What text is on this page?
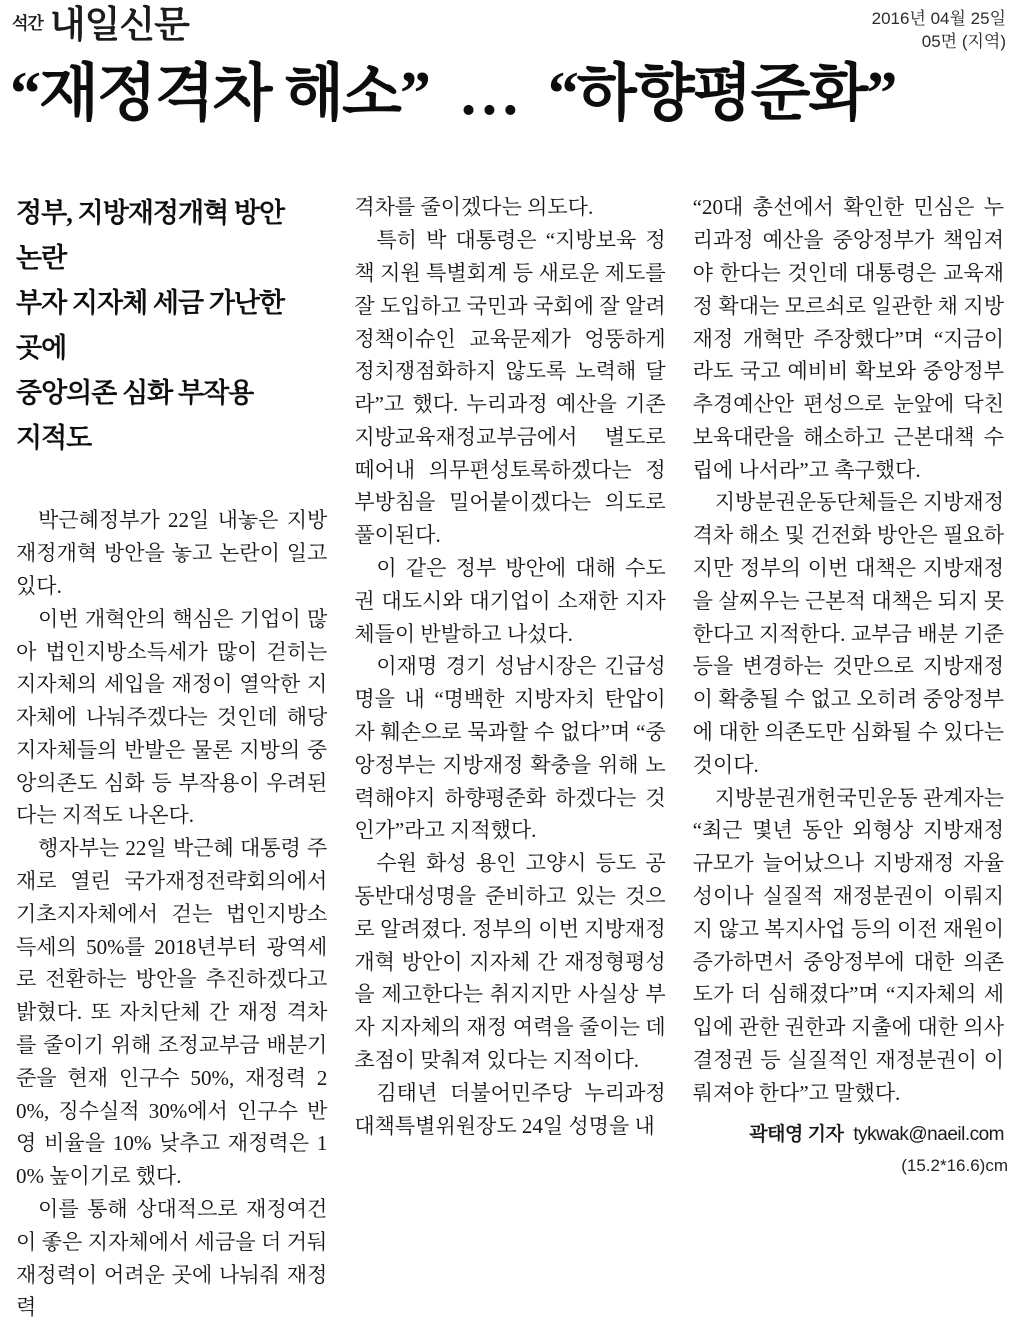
석간 내일신문	2016년 04월 25일
05면 (지역)
“재정격차 해소” … “하향평준화”
정부, 지방재정개혁 방안 논란
부자 지자체 세금 가난한 곳에
중앙의존 심화 부작용 지적도

박근혜정부가 22일 내놓은 지방재정개혁 방안을 놓고 논란이 일고 있다.

이번 개혁안의 핵심은 기업이 많아 법인지방소득세가 많이 걷히는 지자체의 세입을 재정이 열악한 지자체에 나눠주겠다는 것인데 해당 지자체들의 반발은 물론 지방의 중앙의존도 심화 등 부작용이 우려된다는 지적도 나온다.

행자부는 22일 박근혜 대통령 주재로 열린 국가재정전략회의에서 기초지자체에서 걷는 법인지방소득세의 50%를 2018년부터 광역세로 전환하는 방안을 추진하겠다고 밝혔다. 또 자치단체 간 재정 격차를 줄이기 위해 조정교부금 배분기준을 현재 인구수 50%, 재정력 20%, 징수실적 30%에서 인구수 반영 비율을 10% 낮추고 재정력은 10% 높이기로 했다.

이를 통해 상대적으로 재정여건이 좋은 지자체에서 세금을 더 거둬 재정력이 어려운 곳에 나눠줘 재정력

격차를 줄이겠다는 의도다.

특히 박 대통령은 “지방보육 정책 지원 특별회계 등 새로운 제도를 잘 도입하고 국민과 국회에 잘 알려 정책이슈인 교육문제가 엉뚱하게 정치쟁점화하지 않도록 노력해 달라”고 했다. 누리과정 예산을 기존 지방교육재정교부금에서 별도로 떼어내 의무편성토록하겠다는 정부방침을 밀어붙이겠다는 의도로 풀이된다.

이 같은 정부 방안에 대해 수도권 대도시와 대기업이 소재한 지자체들이 반발하고 나섰다.

이재명 경기 성남시장은 긴급성명을 내 “명백한 지방자치 탄압이자 훼손으로 묵과할 수 없다”며 “중앙정부는 지방재정 확충을 위해 노력해야지 하향평준화 하겠다는 것인가”라고 지적했다.

수원 화성 용인 고양시 등도 공동반대성명을 준비하고 있는 것으로 알려졌다. 정부의 이번 지방재정개혁 방안이 지자체 간 재정형평성을 제고한다는 취지지만 사실상 부자 지자체의 재정 여력을 줄이는 데 초점이 맞춰져 있다는 지적이다.

김태년 더불어민주당 누리과정대책특별위원장도 24일 성명을 내

“20대 총선에서 확인한 민심은 누리과정 예산을 중앙정부가 책임져야 한다는 것인데 대통령은 교육재정 확대는 모르쇠로 일관한 채 지방재정 개혁만 주장했다”며 “지금이라도 국고 예비비 확보와 중앙정부 추경예산안 편성으로 눈앞에 닥친 보육대란을 해소하고 근본대책 수립에 나서라”고 촉구했다.

지방분권운동단체들은 지방재정 격차 해소 및 건전화 방안은 필요하지만 정부의 이번 대책은 지방재정을 살찌우는 근본적 대책은 되지 못한다고 지적한다. 교부금 배분 기준 등을 변경하는 것만으로 지방재정이 확충될 수 없고 오히려 중앙정부에 대한 의존도만 심화될 수 있다는 것이다.

지방분권개헌국민운동 관계자는 “최근 몇년 동안 외형상 지방재정 규모가 늘어났으나 지방재정 자율성이나 실질적 재정분권이 이뤄지지 않고 복지사업 등의 이전 재원이 증가하면서 중앙정부에 대한 의존도가 더 심해졌다”며 “지자체의 세입에 관한 권한과 지출에 대한 의사결정권 등 실질적인 재정분권이 이뤄져야 한다”고 말했다.

곽태영 기자 tykwak@naeil.com
(15.2*16.6)cm
